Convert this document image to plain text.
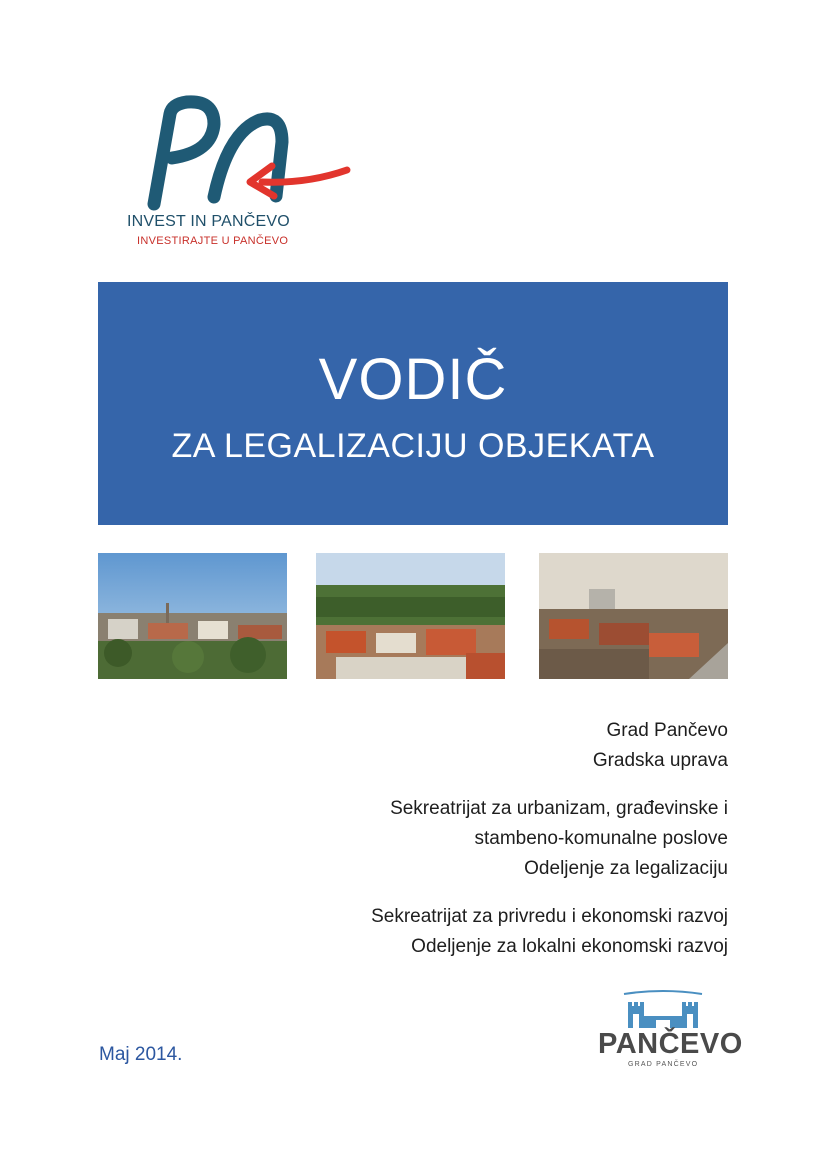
INVEST IN PANČEVO
INVESTIRAJTE U PANČEVO
VODIČ
ZA LEGALIZACIJU OBJEKATA
Grad Pančevo
Gradska uprava
Sekreatrijat za urbanizam, građevinske i
stambeno-komunalne poslove
Odeljenje za legalizaciju
Sekreatrijat za privredu i ekonomski razvoj
Odeljenje za lokalni ekonomski razvoj
Maj 2014.	PANČEVO
GRAD PANČEVO
